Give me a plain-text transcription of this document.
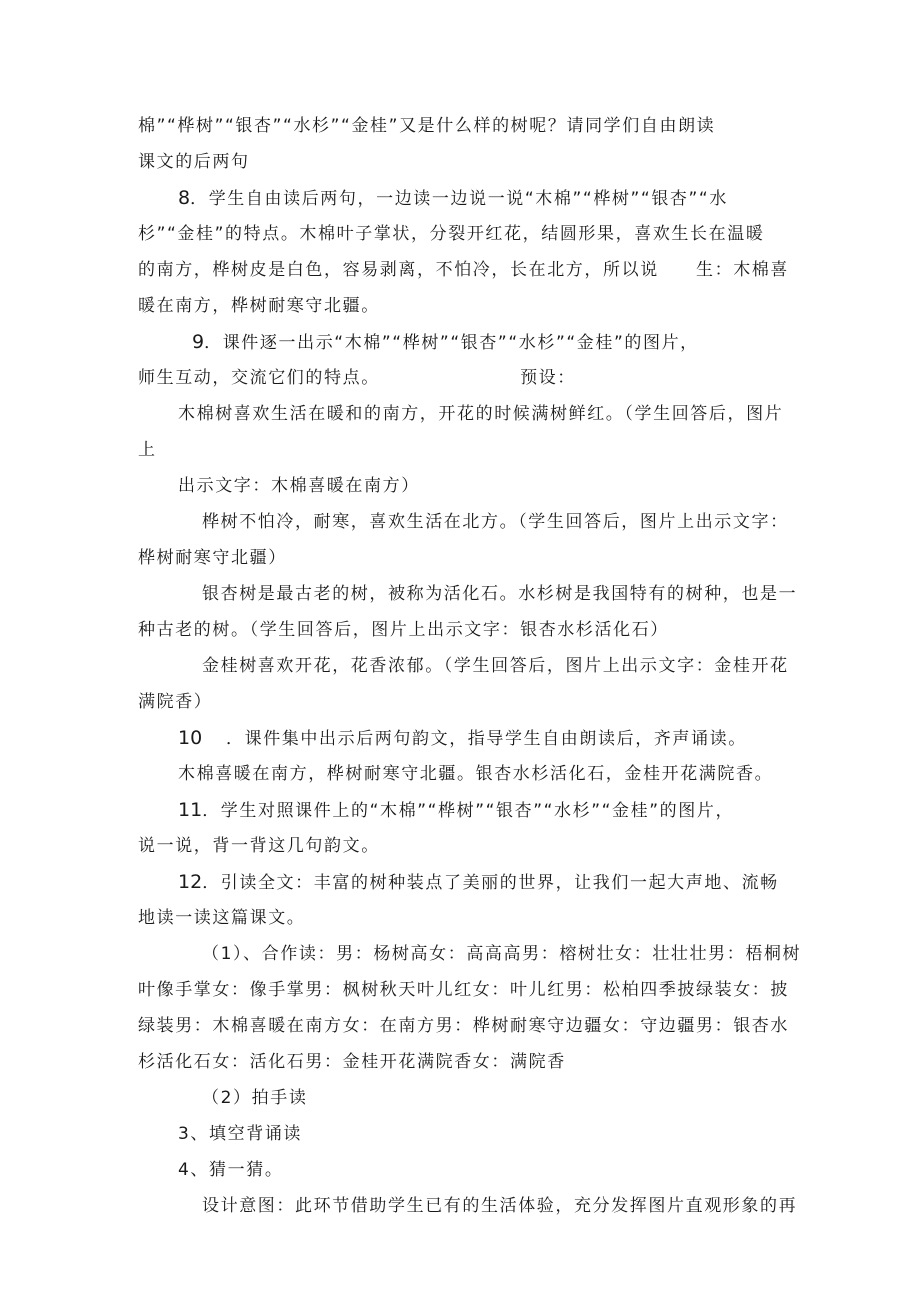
棉”“桦树”“银杏”“水杉”“金桂”又是什么样的树呢？请同学们自由朗读
课文的后两句
8．学生自由读后两句，一边读一边说一说“木棉”“桦树”“银杏”“水
杉”“金桂”的特点。木棉叶子掌状，分裂开红花，结圆形果，喜欢生长在温暖
的南方，桦树皮是白色，容易剥离，不怕冷，长在北方，所以说　　生：木棉喜
暖在南方，桦树耐寒守北疆。
9．课件逐一出示“木棉”“桦树”“银杏”“水杉”“金桂”的图片，
师生互动，交流它们的特点。　　　　　　　　预设：
木棉树喜欢生活在暖和的南方，开花的时候满树鲜红。（学生回答后，图片
上
出示文字：木棉喜暖在南方）
桦树不怕冷，耐寒，喜欢生活在北方。（学生回答后，图片上出示文字：
桦树耐寒守北疆）
银杏树是最古老的树，被称为活化石。水杉树是我国特有的树种，也是一
种古老的树。（学生回答后，图片上出示文字：银杏水杉活化石）
金桂树喜欢开花，花香浓郁。（学生回答后，图片上出示文字：金桂开花
满院香）
10 ．课件集中出示后两句韵文，指导学生自由朗读后，齐声诵读。
木棉喜暖在南方，桦树耐寒守北疆。银杏水杉活化石，金桂开花满院香。
11．学生对照课件上的“木棉”“桦树”“银杏”“水杉”“金桂”的图片，
说一说，背一背这几句韵文。
12．引读全文：丰富的树种装点了美丽的世界，让我们一起大声地、流畅
地读一读这篇课文。
（1）、合作读：男：杨树高女：高高高男：榕树壮女：壮壮壮男：梧桐树
叶像手掌女：像手掌男：枫树秋天叶儿红女：叶儿红男：松柏四季披绿装女：披
绿装男：木棉喜暖在南方女：在南方男：桦树耐寒守边疆女：守边疆男：银杏水
杉活化石女：活化石男：金桂开花满院香女：满院香
（2）拍手读
3、填空背诵读
4、猜一猜。
设计意图：此环节借助学生已有的生活体验，充分发挥图片直观形象的再
